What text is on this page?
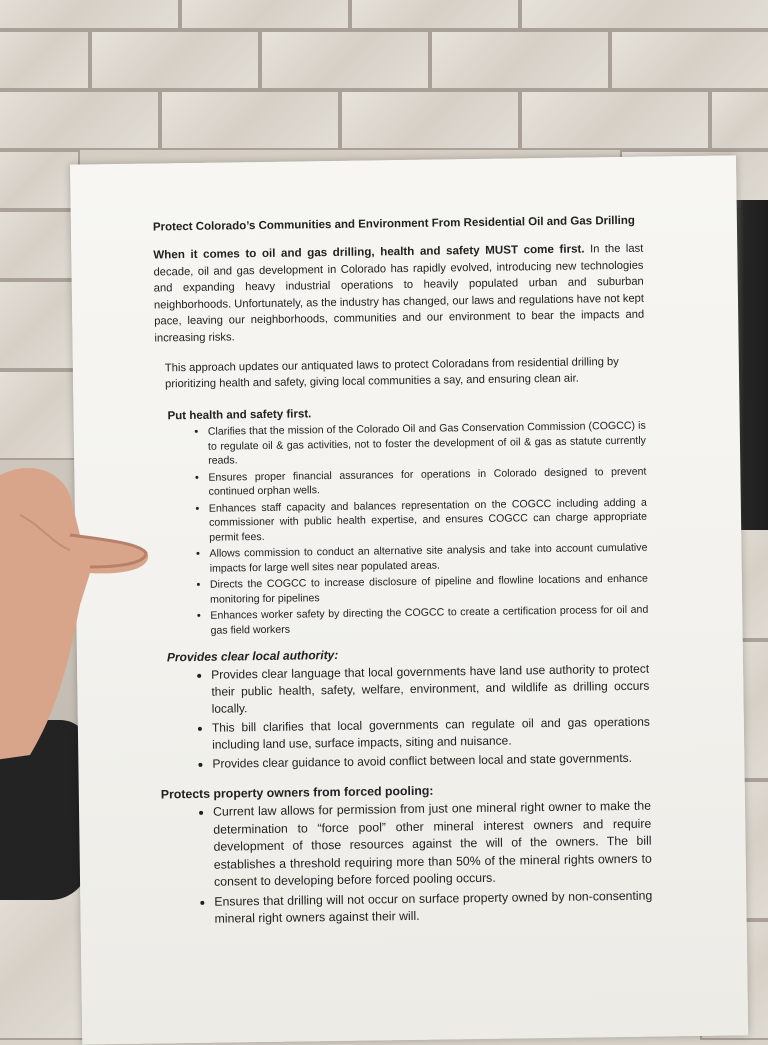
Protect Colorado’s Communities and Environment From Residential Oil and Gas Drilling

When it comes to oil and gas drilling, health and safety MUST come first. In the last decade, oil and gas development in Colorado has rapidly evolved, introducing new technologies and expanding heavy industrial operations to heavily populated urban and suburban neighborhoods. Unfortunately, as the industry has changed, our laws and regulations have not kept pace, leaving our neighborhoods, communities and our environment to bear the impacts and increasing risks.

This approach updates our antiquated laws to protect Coloradans from residential drilling by prioritizing health and safety, giving local communities a say, and ensuring clean air.

Put health and safety first.
• Clarifies that the mission of the Colorado Oil and Gas Conservation Commission (COGCC) is to regulate oil & gas activities, not to foster the development of oil & gas as statute currently reads.
• Ensures proper financial assurances for operations in Colorado designed to prevent continued orphan wells.
• Enhances staff capacity and balances representation on the COGCC including adding a commissioner with public health expertise, and ensures COGCC can charge appropriate permit fees.
• Allows commission to conduct an alternative site analysis and take into account cumulative impacts for large well sites near populated areas.
• Directs the COGCC to increase disclosure of pipeline and flowline locations and enhance monitoring for pipelines
• Enhances worker safety by directing the COGCC to create a certification process for oil and gas field workers
Provides clear local authority:
• Provides clear language that local governments have land use authority to protect their public health, safety, welfare, environment, and wildlife as drilling occurs locally.
• This bill clarifies that local governments can regulate oil and gas operations including land use, surface impacts, siting and nuisance.
• Provides clear guidance to avoid conflict between local and state governments.
Protects property owners from forced pooling:
• Current law allows for permission from just one mineral right owner to make the determination to “force pool” other mineral interest owners and require development of those resources against the will of the owners. The bill establishes a threshold requiring more than 50% of the mineral rights owners to consent to developing before forced pooling occurs.
• Ensures that drilling will not occur on surface property owned by non-consenting mineral right owners against their will.
